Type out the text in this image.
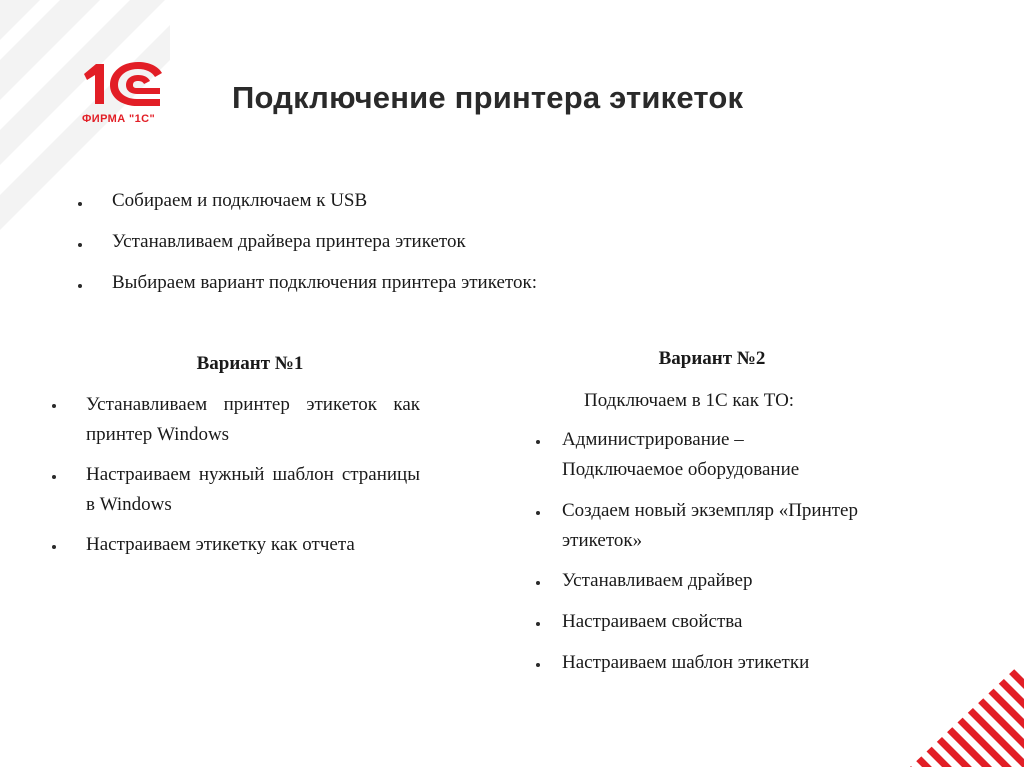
ФИРМА "1С"
Подключение принтера этикеток
Собираем и подключаем к USB
Устанавливаем драйвера принтера этикеток
Выбираем вариант подключения принтера этикеток:
Вариант №1
Устанавливаем принтер этикеток как принтер Windows
Настраиваем нужный шаблон страницы в Windows
Настраиваем этикетку как отчета
Вариант №2
Подключаем в 1С как ТО:
Администрирование – Подключаемое оборудование
Создаем новый экземпляр «Принтер этикеток»
Устанавливаем драйвер
Настраиваем свойства
Настраиваем шаблон этикетки
